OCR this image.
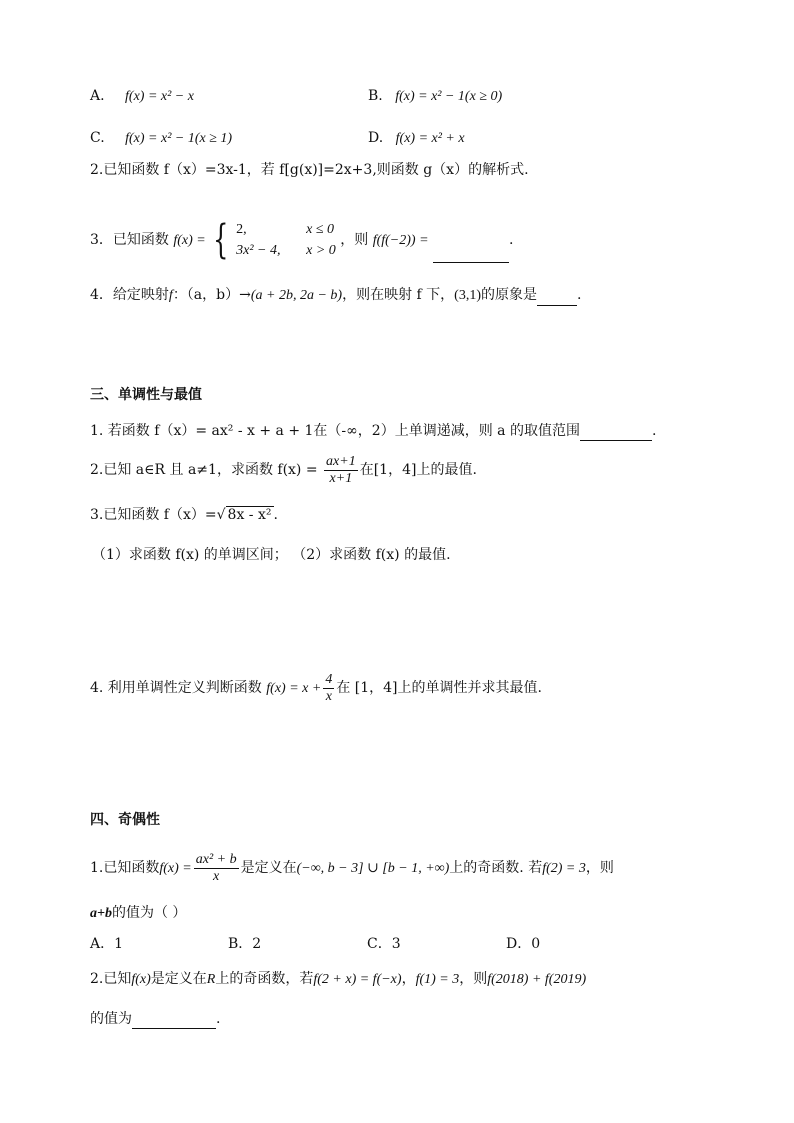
A. f(x) = x² − x	B. f(x) = x² − 1(x ≥ 0)
C. f(x) = x² − 1(x ≥ 1)	D. f(x) = x² + x
2.已知函数 f（x）=3x-1，若 f[g(x)]=2x+3,则函数 g（x）的解析式.
3．已知函数 f(x) = { 2,	x ≤ 0
3x² − 4, x > 0
，则 f(f(−2)) =	.
4．给定映射f：（a，b）→(a + 2b, 2a − b)，则在映射 f 下，(3,1)的原象是	.
三、单调性与最值
1. 若函数 f（x）= ax² - x + a + 1在（-∞，2）上单调递减，则 a 的取值范围	.
2.已知 a∈R 且 a≠1，求函数 $f(x) = \frac{ax+1}{x+1}$ 在[1，4]上的最值.
3.已知函数 f（x）=√ 8x - x² .
（1）求函数 f(x) 的单调区间； （2）求函数 f(x) 的最值.
4. 利用单调性定义判断函数 $f(x) = x + \frac{4}{x}$ 在 [1，4]上的单调性并求其最值.
四、奇偶性
1.已知函数$f(x) = \frac{\text{ax² + b}}{x}$ 是定义在(−∞, b − 3] ∪ [b − 1, +∞)上的奇函数. 若f(2) = 3，则
a+b的值为（ ）
A．1	B．2	C．3	D．0
2.已知f(x)是定义在R上的奇函数，若f(2 + x) = f(−x)，f(1) = 3，则f(2018) + f(2019)
的值为	.
